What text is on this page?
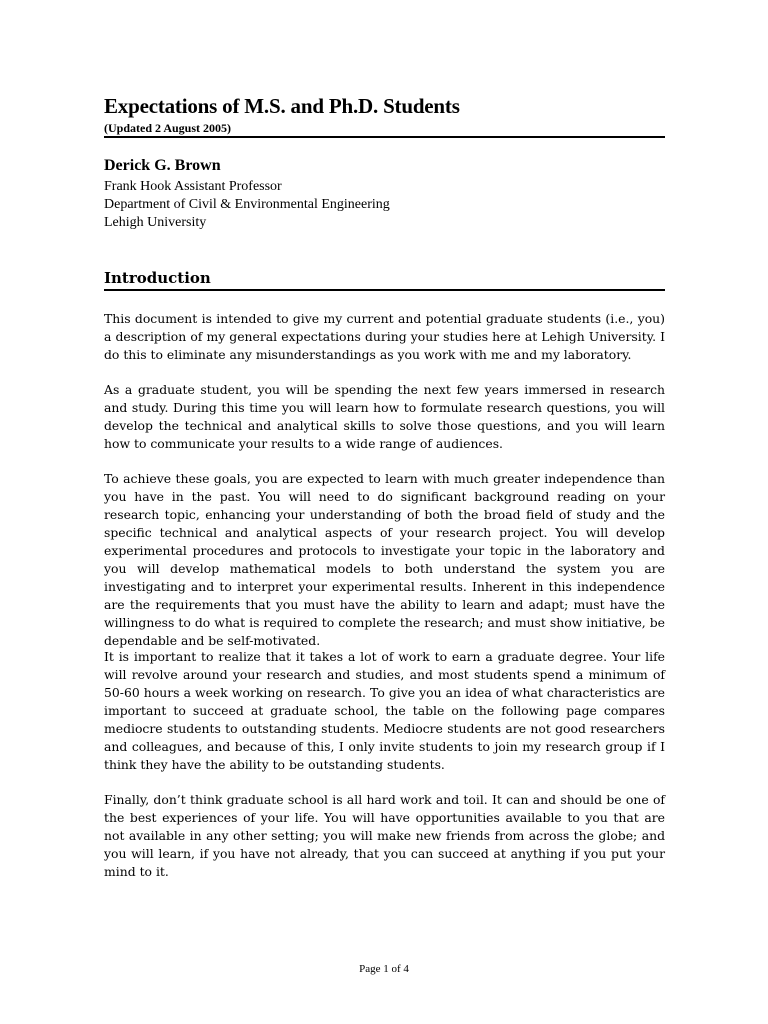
Expectations of M.S. and Ph.D. Students
(Updated 2 August 2005)
Derick G. Brown
Frank Hook Assistant Professor
Department of Civil & Environmental Engineering
Lehigh University
Introduction

This document is intended to give my current and potential graduate students (i.e., you) a description of my general expectations during your studies here at Lehigh University. I do this to eliminate any misunderstandings as you work with me and my laboratory.

As a graduate student, you will be spending the next few years immersed in research and study. During this time you will learn how to formulate research questions, you will develop the technical and analytical skills to solve those questions, and you will learn how to communicate your results to a wide range of audiences.

To achieve these goals, you are expected to learn with much greater independence than you have in the past. You will need to do significant background reading on your research topic, enhancing your understanding of both the broad field of study and the specific technical and analytical aspects of your research project. You will develop experimental procedures and protocols to investigate your topic in the laboratory and you will develop mathematical models to both understand the system you are investigating and to interpret your experimental results. Inherent in this independence are the requirements that you must have the ability to learn and adapt; must have the willingness to do what is required to complete the research; and must show initiative, be dependable and be self-motivated.

It is important to realize that it takes a lot of work to earn a graduate degree. Your life will revolve around your research and studies, and most students spend a minimum of 50-60 hours a week working on research. To give you an idea of what characteristics are important to succeed at graduate school, the table on the following page compares mediocre students to outstanding students. Mediocre students are not good researchers and colleagues, and because of this, I only invite students to join my research group if I think they have the ability to be outstanding students.

Finally, don’t think graduate school is all hard work and toil. It can and should be one of the best experiences of your life. You will have opportunities available to you that are not available in any other setting; you will make new friends from across the globe; and you will learn, if you have not already, that you can succeed at anything if you put your mind to it.

Page 1 of 4
